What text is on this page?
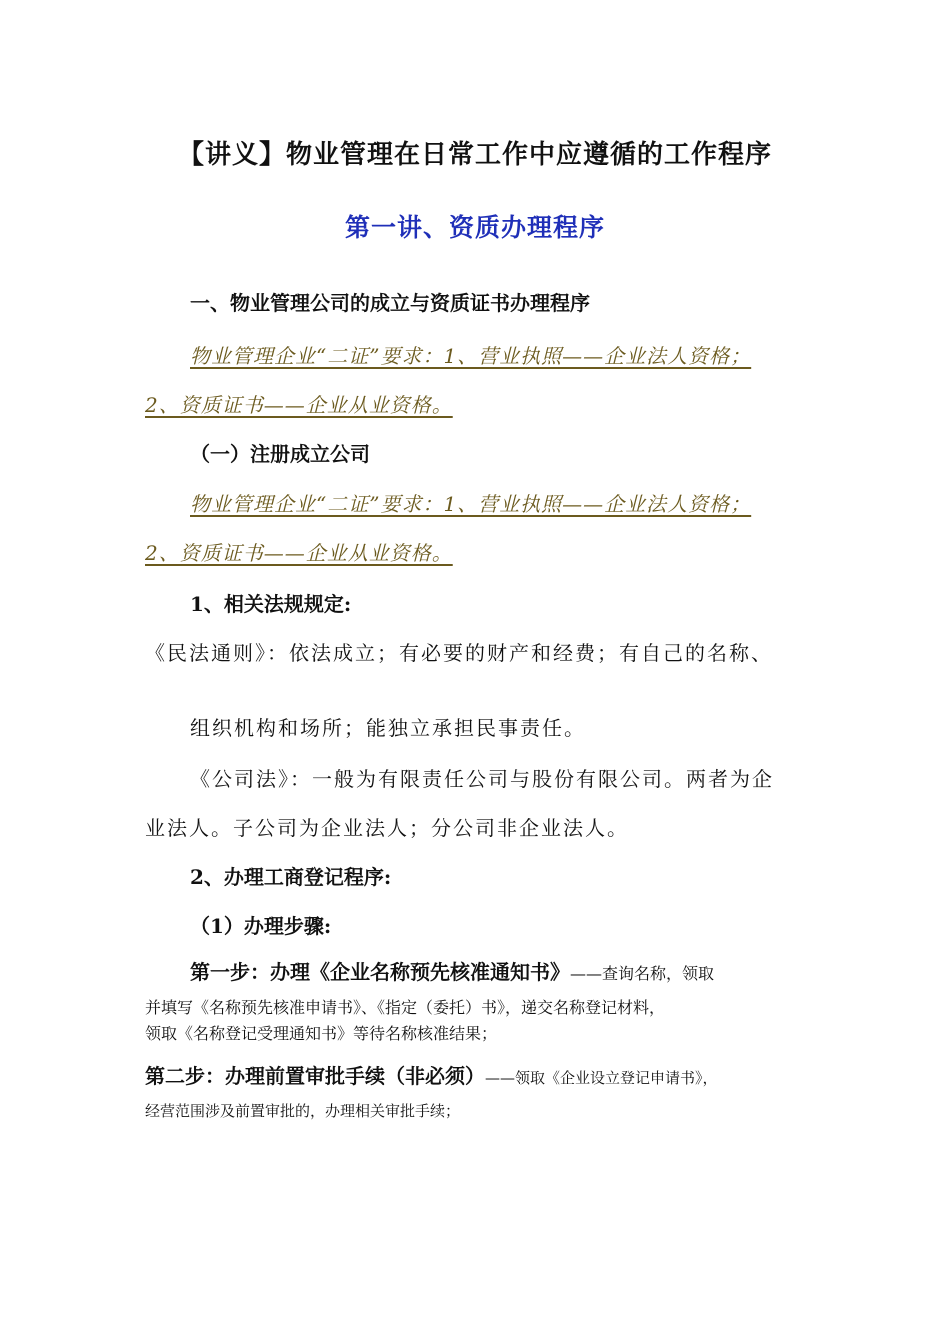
【讲义】物业管理在日常工作中应遵循的工作程序
第一讲、资质办理程序
一、物业管理公司的成立与资质证书办理程序
物业管理企业“二证”要求：1、营业执照——企业法人资格；
2、资质证书——企业从业资格。
（一）注册成立公司
物业管理企业“二证”要求：1、营业执照——企业法人资格；
2、资质证书——企业从业资格。
1、相关法规规定:
《民法通则》：依法成立；有必要的财产和经费；有自己的名称、
组织机构和场所；能独立承担民事责任。
《公司法》：一般为有限责任公司与股份有限公司。两者为企
业法人。子公司为企业法人；分公司非企业法人。
2、办理工商登记程序:
（1）办理步骤:
第一步：办理《企业名称预先核准通知书》——查询名称，领取
并填写《名称预先核准申请书》、《指定（委托）书》，递交名称登记材料，
领取《名称登记受理通知书》等待名称核准结果；
第二步：办理前置审批手续（非必须）——领取《企业设立登记申请书》，
经营范围涉及前置审批的，办理相关审批手续；
